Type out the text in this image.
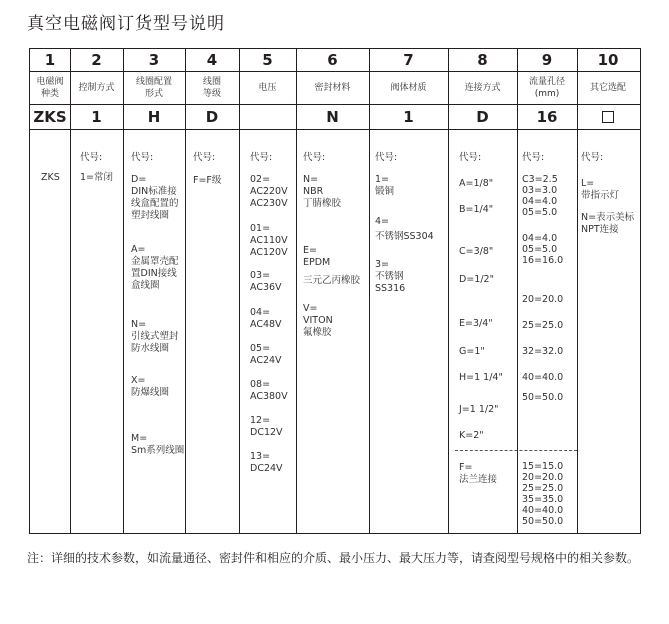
真空电磁阀订货型号说明
1
电磁阀
种类
ZKS
2
控制方式
1
3
线圈配置
形式
H
4
线圈
等级
D
5
电压
6
密封材料
N
7
阀体材质
1
8
连接方式
D
9
流量孔径
(mm)
16
10
其它选配
ZKS
代号:
1=常闭
代号:
D=
DIN标准接
线盒配置的
塑封线圈
A=
金属罩壳配
置DIN接线
盒线圈
N=
引线式塑封
防水线圈
X=
防爆线圈
M=
Sm系列线圈
代号:
F=F级
代号:
02=
AC220V
AC230V
01=
AC110V
AC120V
03=
AC36V
04=
AC48V
05=
AC24V
08=
AC380V
12=
DC12V
13=
DC24V
代号:
N=
NBR
丁腈橡胶
E=
EPDM
三元乙丙橡胶
V=
VITON
氟橡胶
代号:
1=
锻铜
4=
不锈钢SS304
3=
不锈钢
SS316
代号:
A=1/8"
B=1/4"
C=3/8"
D=1/2"
E=3/4"
G=1"
H=1 1/4"
J=1 1/2"
K=2"
F=
法兰连接
代号:
C3=2.5
03=3.0
04=4.0
05=5.0
04=4.0
05=5.0
16=16.0
20=20.0
25=25.0
32=32.0
40=40.0
50=50.0
15=15.0
20=20.0
25=25.0
35=35.0
40=40.0
50=50.0
代号:
L=
带指示灯
N=表示美标
NPT连接
注：详细的技术参数，如流量通径、密封件和相应的介质、最小压力、最大压力等，请查阅型号规格中的相关参数。
